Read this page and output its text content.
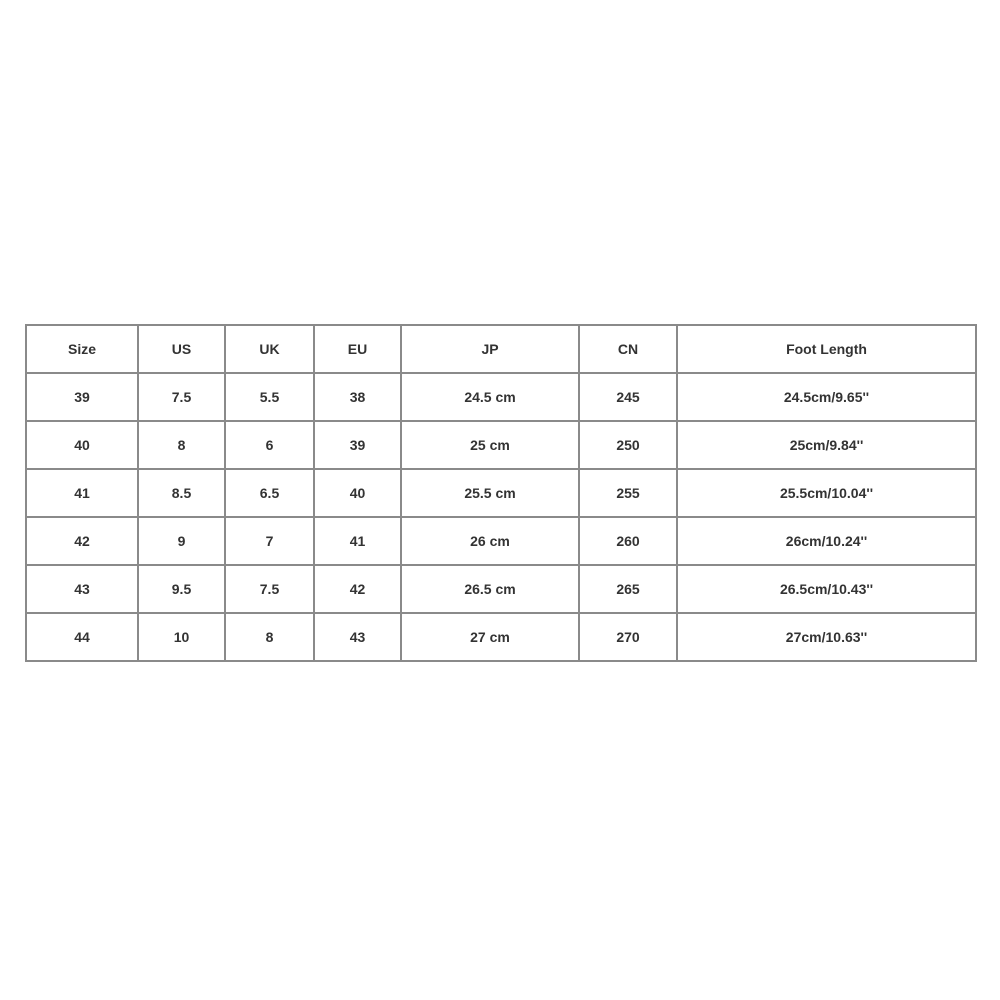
Size	US	UK	EU	JP	CN	Foot Length
39	7.5	5.5	38	24.5 cm	245	24.5cm/9.65''
40	8	6	39	25 cm	250	25cm/9.84''
41	8.5	6.5	40	25.5 cm	255	25.5cm/10.04''
42	9	7	41	26 cm	260	26cm/10.24''
43	9.5	7.5	42	26.5 cm	265	26.5cm/10.43''
44	10	8	43	27 cm	270	27cm/10.63''
